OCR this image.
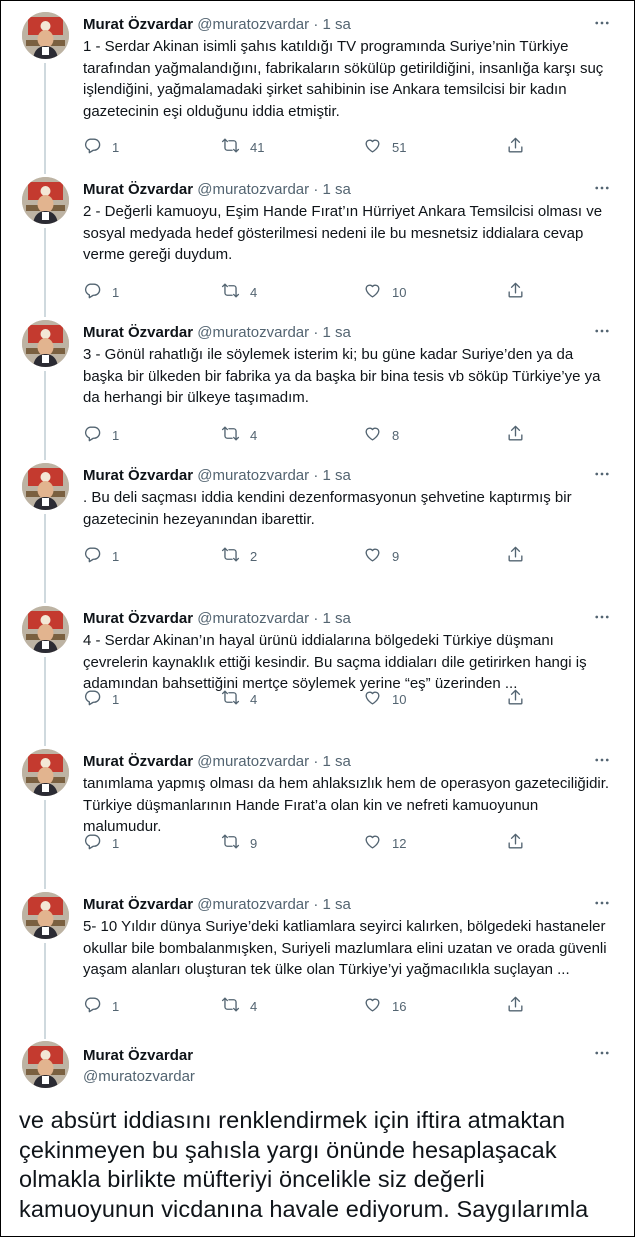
Murat Özvardar @muratozvardar · 1 sa
1 - Serdar Akinan isimli şahıs katıldığı TV programında Suriye’nin Türkiye tarafından yağmalandığını, fabrikaların sökülüp getirildiğini, insanlığa karşı suç işlendiğini, yağmalamadaki şirket sahibinin ise Ankara temsilcisi bir kadın gazetecinin eşi olduğunu iddia etmiştir.
1	41	51
Murat Özvardar @muratozvardar · 1 sa
2 - Değerli kamuoyu, Eşim Hande Fırat’ın Hürriyet Ankara Temsilcisi olması ve sosyal medyada hedef gösterilmesi nedeni ile bu mesnetsiz iddialara cevap verme gereği duydum.
1	4	10
Murat Özvardar @muratozvardar · 1 sa
3 - Gönül rahatlığı ile söylemek isterim ki; bu güne kadar Suriye’den ya da başka bir ülkeden bir fabrika ya da başka bir bina tesis vb söküp Türkiye’ye ya da herhangi bir ülkeye taşımadım.
1	4	8
Murat Özvardar @muratozvardar · 1 sa
. Bu deli saçması iddia kendini dezenformasyonun şehvetine kaptırmış bir gazetecinin hezeyanından ibarettir.
1	2	9
Murat Özvardar @muratozvardar · 1 sa
4 - Serdar Akinan’ın hayal ürünü iddialarına bölgedeki Türkiye düşmanı çevrelerin kaynaklık ettiği kesindir. Bu saçma iddiaları dile getirirken hangi iş adamından bahsettiğini mertçe söylemek yerine “eş” üzerinden ...
1	4	10
Murat Özvardar @muratozvardar · 1 sa
tanımlama yapmış olması da hem ahlaksızlık hem de operasyon gazeteciliğidir. Türkiye düşmanlarının Hande Fırat’a olan kin ve nefreti kamuoyunun malumudur.
1	9	12
Murat Özvardar @muratozvardar · 1 sa
5- 10 Yıldır dünya Suriye’deki katliamlara seyirci kalırken, bölgedeki hastaneler okullar bile bombalanmışken, Suriyeli mazlumlara elini uzatan ve orada güvenli yaşam alanları oluşturan tek ülke olan Türkiye’yi yağmacılıkla suçlayan ...
1	4	16
Murat Özvardar
@muratozvardar
ve absürt iddiasını renklendirmek için iftira atmaktan çekinmeyen bu şahısla yargı önünde hesaplaşacak olmakla birlikte müfteriyi öncelikle siz değerli kamuoyunun vicdanına havale ediyorum. Saygılarımla
